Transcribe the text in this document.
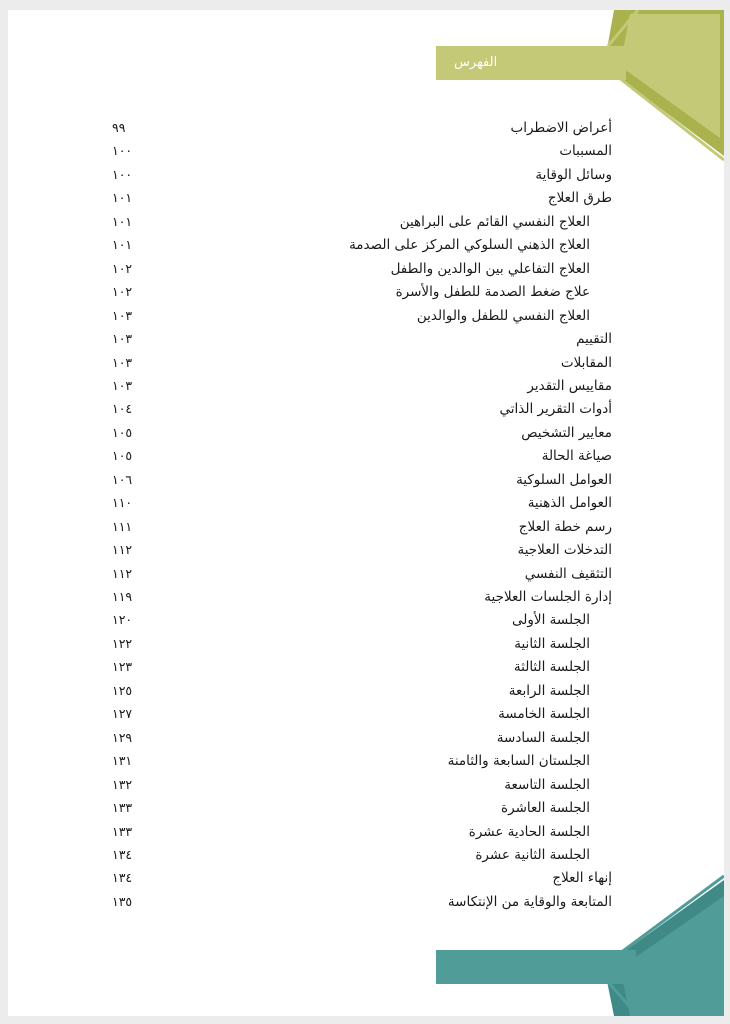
الفهرس
أعراض الاضطراب
٩٩
المسببات
١٠٠
وسائل الوقاية
١٠٠
طرق العلاج
١٠١
العلاج النفسي القائم على البراهين
١٠١
العلاج الذهني السلوكي المركز على الصدمة
١٠١
العلاج التفاعلي بين الوالدين والطفل
١٠٢
علاج ضغط الصدمة للطفل والأسرة
١٠٢
العلاج النفسي للطفل والوالدين
١٠٣
التقييم
١٠٣
المقابلات
١٠٣
مقاييس التقدير
١٠٣
أدوات التقرير الذاتي
١٠٤
معايير التشخيص
١٠٥
صياغة الحالة
١٠٥
العوامل السلوكية
١٠٦
العوامل الذهنية
١١٠
رسم خطة العلاج
١١١
التدخلات العلاجية
١١٢
التثقيف النفسي
١١٢
إدارة الجلسات العلاجية
١١٩
الجلسة الأولى
١٢٠
الجلسة الثانية
١٢٢
الجلسة الثالثة
١٢٣
الجلسة الرابعة
١٢٥
الجلسة الخامسة
١٢٧
الجلسة السادسة
١٢٩
الجلستان السابعة والثامنة
١٣١
الجلسة التاسعة
١٣٢
الجلسة العاشرة
١٣٣
الجلسة الحادية عشرة
١٣٣
الجلسة الثانية عشرة
١٣٤
إنهاء العلاج
١٣٤
المتابعة والوقاية من الإنتكاسة
١٣٥
